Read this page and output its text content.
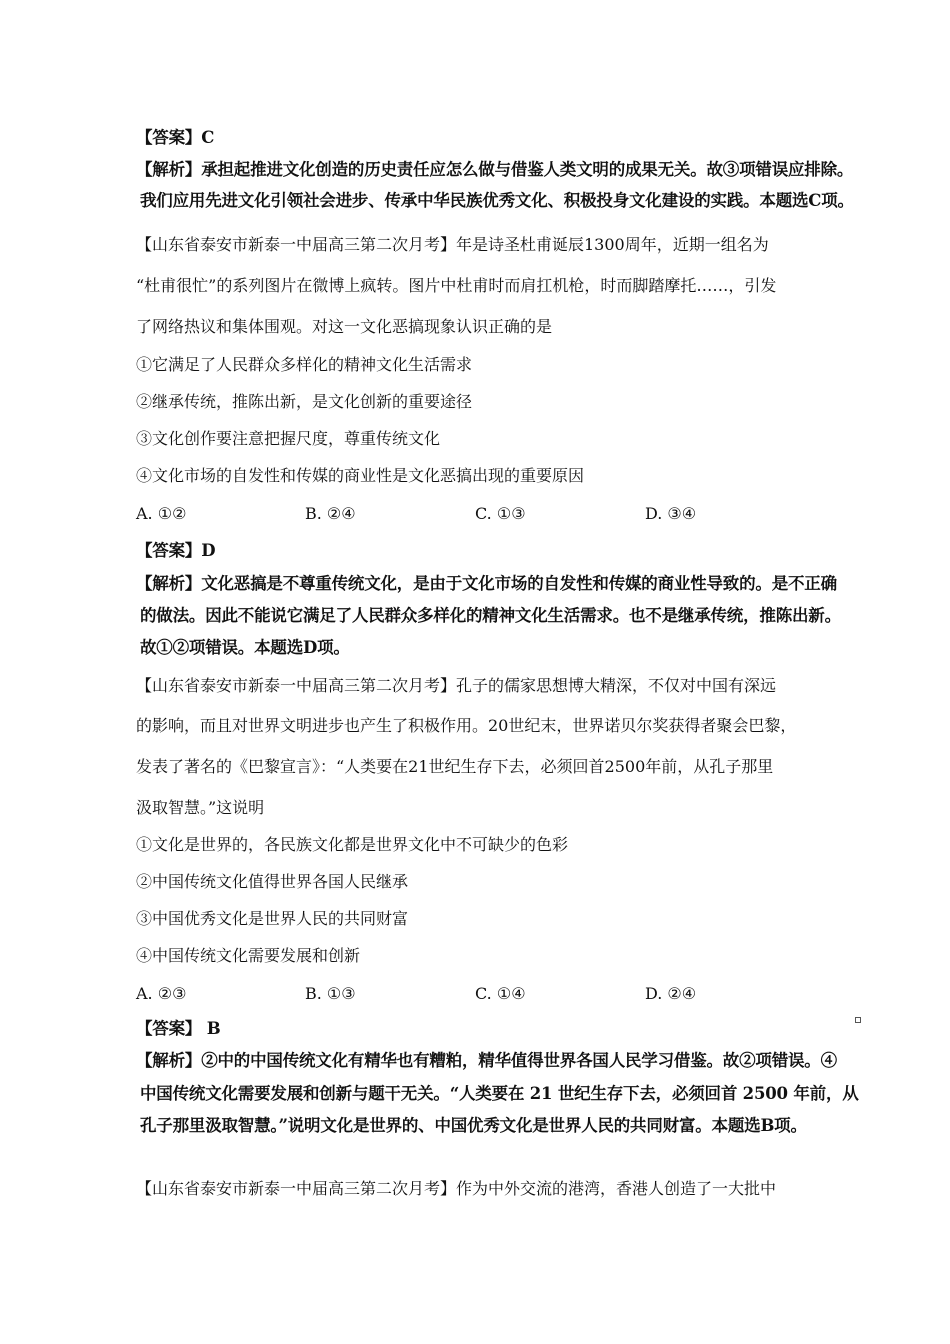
【答案】C
【解析】承担起推进文化创造的历史责任应怎么做与借鉴人类文明的成果无关。故③项错误应排除。
我们应用先进文化引领社会进步、传承中华民族优秀文化、积极投身文化建设的实践。本题选C项。
【山东省泰安市新泰一中届高三第二次月考】年是诗圣杜甫诞辰1300周年，近期一组名为
“杜甫很忙”的系列图片在微博上疯转。图片中杜甫时而肩扛机枪，时而脚踏摩托……，引发
了网络热议和集体围观。对这一文化恶搞现象认识正确的是
①它满足了人民群众多样化的精神文化生活需求
②继承传统，推陈出新，是文化创新的重要途径
③文化创作要注意把握尺度，尊重传统文化
④文化市场的自发性和传媒的商业性是文化恶搞出现的重要原因
A. ①②	B. ②④	C. ①③	D. ③④
【答案】D
【解析】文化恶搞是不尊重传统文化，是由于文化市场的自发性和传媒的商业性导致的。是不正确
的做法。因此不能说它满足了人民群众多样化的精神文化生活需求。也不是继承传统，推陈出新。
故①②项错误。本题选D项。
【山东省泰安市新泰一中届高三第二次月考】孔子的儒家思想博大精深，不仅对中国有深远
的影响，而且对世界文明进步也产生了积极作用。20世纪末，世界诺贝尔奖获得者聚会巴黎，
发表了著名的《巴黎宣言》：“人类要在21世纪生存下去，必须回首2500年前，从孔子那里
汲取智慧。”这说明
①文化是世界的，各民族文化都是世界文化中不可缺少的色彩
②中国传统文化值得世界各国人民继承
③中国优秀文化是世界人民的共同财富
④中国传统文化需要发展和创新
A. ②③	B. ①③	C. ①④	D. ②④
【答案】 B
【解析】②中的中国传统文化有精华也有糟粕，精华值得世界各国人民学习借鉴。故②项错误。④
中国传统文化需要发展和创新与题干无关。“人类要在 21 世纪生存下去，必须回首 2500 年前，从
孔子那里汲取智慧。”说明文化是世界的、中国优秀文化是世界人民的共同财富。本题选B项。
【山东省泰安市新泰一中届高三第二次月考】作为中外交流的港湾，香港人创造了一大批中
